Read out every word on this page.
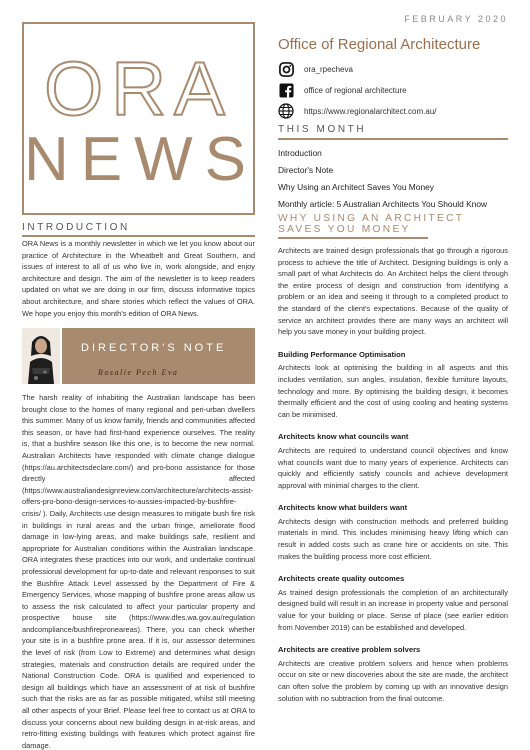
FEBRUARY 2020
ORA
NEWS
Office of Regional Architecture
ora_rpecheva
office of regional architecture
https://www.regionalarchitect.com.au/
THIS MONTH
Introduction
Director's Note
Why Using an Architect Saves You Money
Monthly article: 5 Australian Architects You Should Know
INTRODUCTION
ORA News is a monthly newsletter in which we let you know about our practice of Architecture in the Wheatbelt and Great Southern, and issues of interest to all of us who live in, work alongside, and enjoy architecture and design. The aim of the newsletter is to keep readers updated on what we are doing in our firm, discuss informative topics about architecture, and share stories which reflect the values of ORA. We hope you enjoy this month's edition of ORA News.
DIRECTOR'S NOTE
Rosalie Pech Eva
The harsh reality of inhabiting the Australian landscape has been brought close to the homes of many regional and peri-urban dwellers this summer. Many of us know family, friends and communities affected this season, or have had first-hand experience ourselves. The reality is, that a bushfire season like this one, is to become the new normal. Australian Architects have responded with climate change dialogue (https://au.architectsdeclare.com/) and pro-bono assistance for those directly affected (https://www.australiandesignreview.com/architecture/architects-assist-offers-pro-bono-design-services-to-aussies-impacted-by-bushfire-crisis/ ). Daily, Architects use design measures to mitigate bush fire risk in buildings in rural areas and the urban fringe, ameliorate flood damage in low-lying areas, and make buildings safe, resilient and appropriate for Australian conditions within the Australian landscape. ORA integrates these practices into our work, and undertake continual professional development for up-to-date and relevant responses to suit the Bushfire Attack Level assessed by the Department of Fire & Emergency Services, whose mapping of bushfire prone areas allow us to assess the risk calculated to affect your particular property and prospective house site (https://www.dfes.wa.gov.au/regulation andcompliance/bushfireproneareas). There, you can check whether your site is in a bushfire prone area. If it is, our assessor determines the level of risk (from Low to Extreme) and determines what design strategies, materials and construction details are required under the National Construction Code. ORA is qualified and experienced to design all buildings which have an assessment of at risk of bushfire such that the risks are as far as possible mitigated, whilst still meeting all other aspects of your Brief. Please feel free to contact us at ORA to discuss your concerns about new building design in at-risk areas, and retro-fitting existing buildings with features which protect against fire damage.
WHY USING AN ARCHITECT SAVES YOU MONEY

Architects are trained design professionals that go through a rigorous process to achieve the title of Architect. Designing buildings is only a small part of what Architects do. An Architect helps the client through the entire process of design and construction from identifying a problem or an idea and seeing it through to a completed product to the standard of the client's expectations. Because of the quality of service an architect provides there are many ways an architect will help you save money in your building project.

Building Performance Optimisation

Architects look at optimising the building in all aspects and this includes ventilation, sun angles, insulation, flexible furniture layouts, technology and more. By optimising the building design, it becomes thermally efficient and the cost of using cooling and heating systems can be minimised.

Architects know what councils want

Architects are required to understand council objectives and know what councils want due to many years of experience. Architects can quickly and efficiently satisfy councils and achieve development approval with minimal charges to the client.

Architects know what builders want

Architects design with construction methods and preferred building materials in mind. This includes minimising heavy lifting which can result in added costs such as crane hire or accidents on site. This makes the building process more cost efficient.

Architects create quality outcomes

As trained design professionals the completion of an architecturally designed build will result in an increase in property value and personal value for your building or place. Sense of place (see earlier edition from November 2019) can be established and developed.

Architects are creative problem solvers

Architects are creative problem solvers and hence when problems occur on site or new discoveries about the site are made, the architect can often solve the problem by coming up with an innovative design solution with no subtraction from the final outcome.
